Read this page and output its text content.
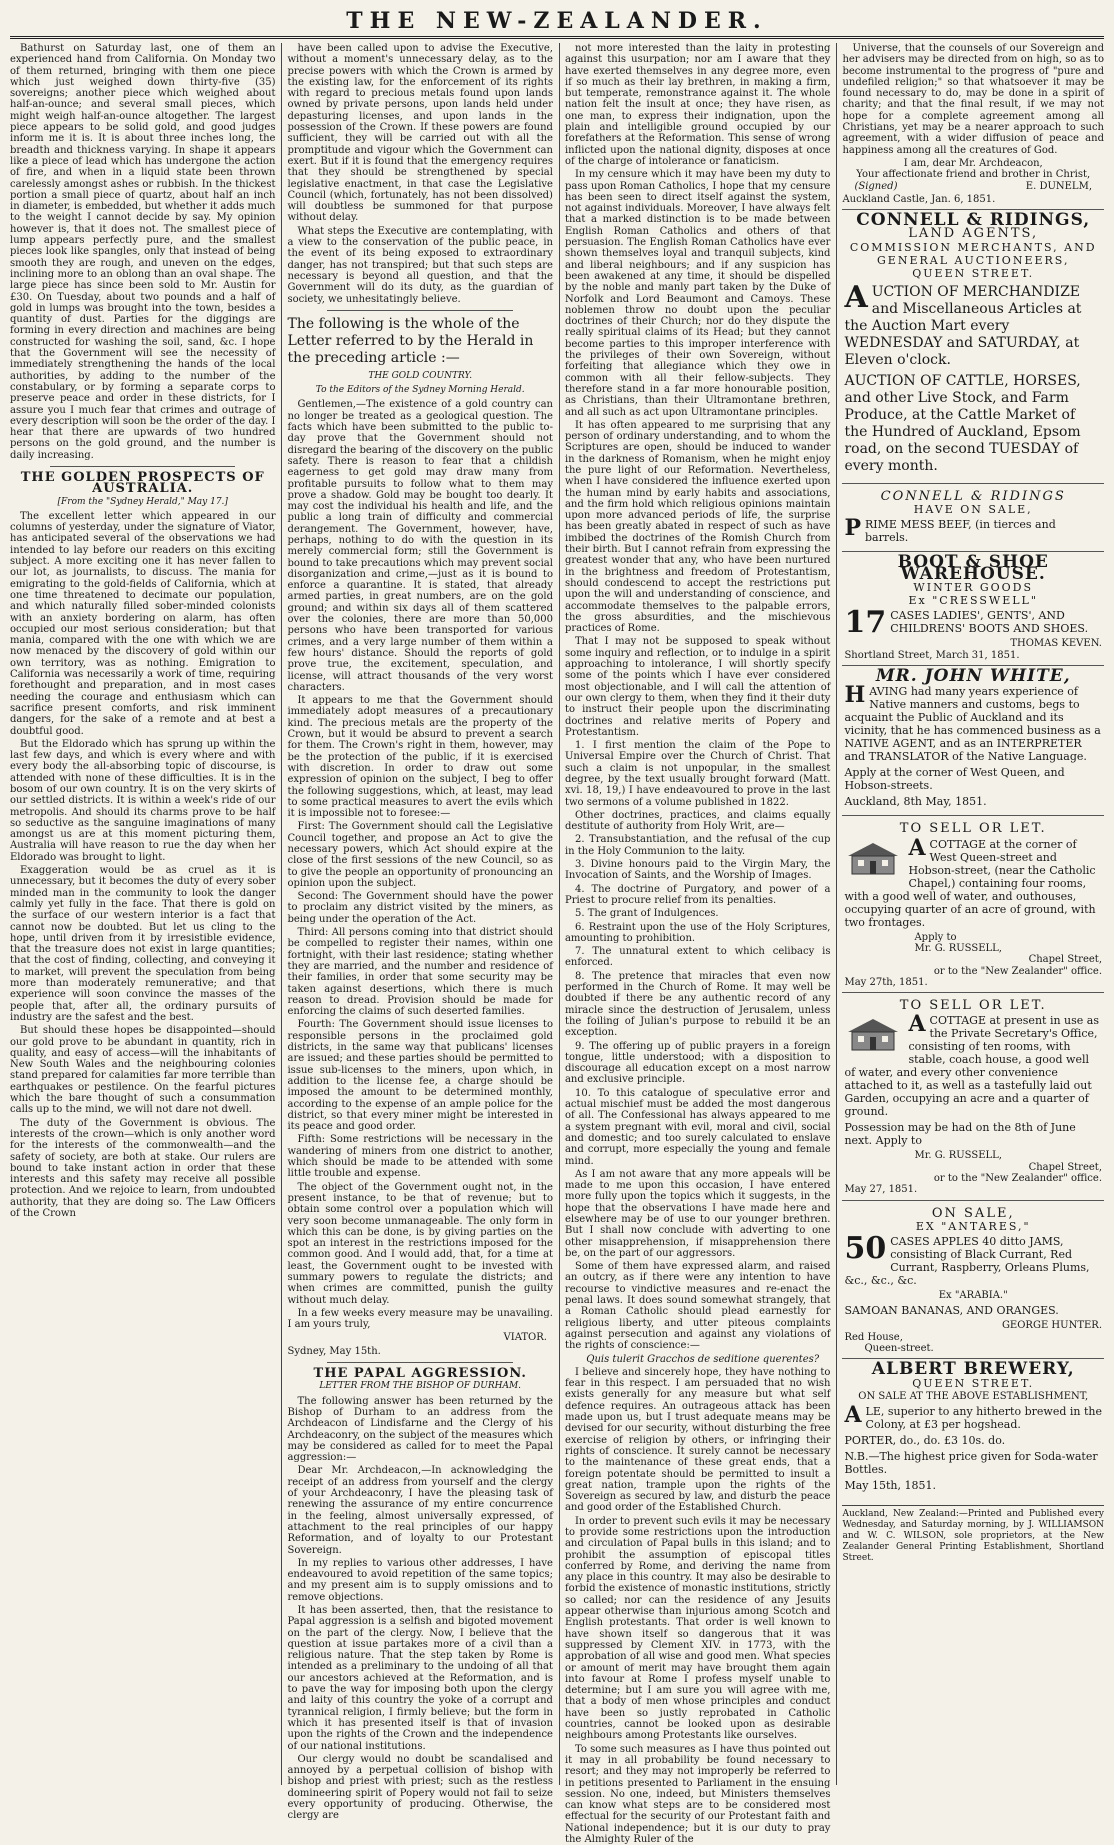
THE NEW-ZEALANDER.

Bathurst on Saturday last, one of them an experienced hand from California. On Monday two of them returned, bringing with them one piece which just weighed down thirty-five (35) sovereigns; another piece which weighed about half-an-ounce; and several small pieces, which might weigh half-an-ounce altogether. The largest piece appears to be solid gold, and good judges inform me it is. It is about three inches long, the breadth and thickness varying. In shape it appears like a piece of lead which has undergone the action of fire, and when in a liquid state been thrown carelessly amongst ashes or rubbish. In the thickest portion a small piece of quartz, about half an inch in diameter, is embedded, but whether it adds much to the weight I cannot decide by say. My opinion however is, that it does not. The smallest piece of lump appears perfectly pure, and the smallest pieces look like spangles, only that instead of being smooth they are rough, and uneven on the edges, inclining more to an oblong than an oval shape. The large piece has since been sold to Mr. Austin for £30. On Tuesday, about two pounds and a half of gold in lumps was brought into the town, besides a quantity of dust. Parties for the diggings are forming in every direction and machines are being constructed for washing the soil, sand, &c. I hope that the Government will see the necessity of immediately strengthening the hands of the local authorities, by adding to the number of the constabulary, or by forming a separate corps to preserve peace and order in these districts, for I assure you I much fear that crimes and outrage of every description will soon be the order of the day. I hear that there are upwards of two hundred persons on the gold ground, and the number is daily increasing.

THE GOLDEN PROSPECTS OF AUSTRALIA.
[From the "Sydney Herald," May 17.]

The excellent letter which appeared in our columns of yesterday, under the signature of Viator, has anticipated several of the observations we had intended to lay before our readers on this exciting subject. A more exciting one it has never fallen to our lot, as journalists, to discuss. The mania for emigrating to the gold-fields of California, which at one time threatened to decimate our population, and which naturally filled sober-minded colonists with an anxiety bordering on alarm, has often occupied our most serious consideration; but that mania, compared with the one with which we are now menaced by the discovery of gold within our own territory, was as nothing. Emigration to California was necessarily a work of time, requiring forethought and preparation, and in most cases needing the courage and enthusiasm which can sacrifice present comforts, and risk imminent dangers, for the sake of a remote and at best a doubtful good.

But the Eldorado which has sprung up within the last few days, and which is every where and with every body the all-absorbing topic of discourse, is attended with none of these difficulties. It is in the bosom of our own country. It is on the very skirts of our settled districts. It is within a week's ride of our metropolis. And should its charms prove to be half so seductive as the sanguine imaginations of many amongst us are at this moment picturing them, Australia will have reason to rue the day when her Eldorado was brought to light.

Exaggeration would be as cruel as it is unnecessary, but it becomes the duty of every sober minded man in the community to look the danger calmly yet fully in the face. That there is gold on the surface of our western interior is a fact that cannot now be doubted. But let us cling to the hope, until driven from it by irresistible evidence, that the treasure does not exist in large quantities; that the cost of finding, collecting, and conveying it to market, will prevent the speculation from being more than moderately remunerative; and that experience will soon convince the masses of the people that, after all, the ordinary pursuits of industry are the safest and the best.

But should these hopes be disappointed—should our gold prove to be abundant in quantity, rich in quality, and easy of access—will the inhabitants of New South Wales and the neighbouring colonies stand prepared for calamities far more terrible than earthquakes or pestilence. On the fearful pictures which the bare thought of such a consummation calls up to the mind, we will not dare not dwell.

The duty of the Government is obvious. The interests of the crown—which is only another word for the interests of the commonwealth—and the safety of society, are both at stake. Our rulers are bound to take instant action in order that these interests and this safety may receive all possible protection. And we rejoice to learn, from undoubted authority, that they are doing so. The Law Officers of the Crown

have been called upon to advise the Executive, without a moment's unnecessary delay, as to the precise powers with which the Crown is armed by the existing law, for the enforcement of its rights with regard to precious metals found upon lands owned by private persons, upon lands held under depasturing licenses, and upon lands in the possession of the Crown. If these powers are found sufficient, they will be carried out with all the promptitude and vigour which the Government can exert. But if it is found that the emergency requires that they should be strengthened by special legislative enactment, in that case the Legislative Council (which, fortunately, has not been dissolved) will doubtless be summoned for that purpose without delay.

What steps the Executive are contemplating, with a view to the conservation of the public peace, in the event of its being exposed to extraordinary danger, has not transpired; but that such steps are necessary is beyond all question, and that the Government will do its duty, as the guardian of society, we unhesitatingly believe.

The following is the whole of the Letter referred to by the Herald in the preceding article :—
THE GOLD COUNTRY.
To the Editors of the Sydney Morning Herald.

Gentlemen,—The existence of a gold country can no longer be treated as a geological question. The facts which have been submitted to the public to-day prove that the Government should not disregard the bearing of the discovery on the public safety. There is reason to fear that a childish eagerness to get gold may draw many from profitable pursuits to follow what to them may prove a shadow. Gold may be bought too dearly. It may cost the individual his health and life, and the public a long train of difficulty and commercial derangement. The Government, however, have, perhaps, nothing to do with the question in its merely commercial form; still the Government is bound to take precautions which may prevent social disorganization and crime,—just as it is bound to enforce a quarantine. It is stated, that already armed parties, in great numbers, are on the gold ground; and within six days all of them scattered over the colonies, there are more than 50,000 persons who have been transported for various crimes, and a very large number of them within a few hours' distance. Should the reports of gold prove true, the excitement, speculation, and license, will attract thousands of the very worst characters.

It appears to me that the Government should immediately adopt measures of a precautionary kind. The precious metals are the property of the Crown, but it would be absurd to prevent a search for them. The Crown's right in them, however, may be the protection of the public, if it is exercised with discretion. In order to draw out some expression of opinion on the subject, I beg to offer the following suggestions, which, at least, may lead to some practical measures to avert the evils which it is impossible not to foresee:—

First: The Government should call the Legislative Council together, and propose an Act to give the necessary powers, which Act should expire at the close of the first sessions of the new Council, so as to give the people an opportunity of pronouncing an opinion upon the subject.

Second: The Government should have the power to proclaim any district visited by the miners, as being under the operation of the Act.

Third: All persons coming into that district should be compelled to register their names, within one fortnight, with their last residence; stating whether they are married, and the number and residence of their families, in order that some security may be taken against desertions, which there is much reason to dread. Provision should be made for enforcing the claims of such deserted families.

Fourth: The Government should issue licenses to responsible persons in the proclaimed gold districts, in the same way that publicans' licenses are issued; and these parties should be permitted to issue sub-licenses to the miners, upon which, in addition to the license fee, a charge should be imposed the amount to be determined monthly, according to the expense of an ample police for the district, so that every miner might be interested in its peace and good order.

Fifth: Some restrictions will be necessary in the wandering of miners from one district to another, which should be made to be attended with some little trouble and expense.

The object of the Government ought not, in the present instance, to be that of revenue; but to obtain some control over a population which will very soon become unmanageable. The only form in which this can be done, is by giving parties on the spot an interest in the restrictions imposed for the common good. And I would add, that, for a time at least, the Government ought to be invested with summary powers to regulate the districts; and when crimes are committed, punish the guilty without much delay.

In a few weeks every measure may be unavailing. I am yours truly,

VIATOR.
Sydney, May 15th.
THE PAPAL AGGRESSION.
LETTER FROM THE BISHOP OF DURHAM.

The following answer has been returned by the Bishop of Durham to an address from the Archdeacon of Lindisfarne and the Clergy of his Archdeaconry, on the subject of the measures which may be considered as called for to meet the Papal aggression:—

Dear Mr. Archdeacon,—In acknowledging the receipt of an address from yourself and the clergy of your Archdeaconry, I have the pleasing task of renewing the assurance of my entire concurrence in the feeling, almost universally expressed, of attachment to the real principles of our happy Reformation, and of loyalty to our Protestant Sovereign.

In my replies to various other addresses, I have endeavoured to avoid repetition of the same topics; and my present aim is to supply omissions and to remove objections.

It has been asserted, then, that the resistance to Papal aggression is a selfish and bigoted movement on the part of the clergy. Now, I believe that the question at issue partakes more of a civil than a religious nature. That the step taken by Rome is intended as a preliminary to the undoing of all that our ancestors achieved at the Reformation, and is to pave the way for imposing both upon the clergy and laity of this country the yoke of a corrupt and tyrannical religion, I firmly believe; but the form in which it has presented itself is that of invasion upon the rights of the Crown and the independence of our national institutions.

Our clergy would no doubt be scandalised and annoyed by a perpetual collision of bishop with bishop and priest with priest; such as the restless domineering spirit of Popery would not fail to seize every opportunity of producing. Otherwise, the clergy are

not more interested than the laity in protesting against this usurpation; nor am I aware that they have exerted themselves in any degree more, even if so much as their lay brethren, in making a firm, but temperate, remonstrance against it. The whole nation felt the insult at once; they have risen, as one man, to express their indignation, upon the plain and intelligible ground occupied by our forefathers at the Reformation. This sense of wrong inflicted upon the national dignity, disposes at once of the charge of intolerance or fanaticism.

In my censure which it may have been my duty to pass upon Roman Catholics, I hope that my censure has been seen to direct itself against the system, not against individuals. Moreover, I have always felt that a marked distinction is to be made between English Roman Catholics and others of that persuasion. The English Roman Catholics have ever shown themselves loyal and tranquil subjects, kind and liberal neighbours; and if any suspicion has been awakened at any time, it should be dispelled by the noble and manly part taken by the Duke of Norfolk and Lord Beaumont and Camoys. These noblemen throw no doubt upon the peculiar doctrines of their Church; nor do they dispute the really spiritual claims of its Head; but they cannot become parties to this improper interference with the privileges of their own Sovereign, without forfeiting that allegiance which they owe in common with all their fellow-subjects. They therefore stand in a far more honourable position, as Christians, than their Ultramontane brethren, and all such as act upon Ultramontane principles.

It has often appeared to me surprising that any person of ordinary understanding, and to whom the Scriptures are open, should be induced to wander in the darkness of Romanism, when he might enjoy the pure light of our Reformation. Nevertheless, when I have considered the influence exerted upon the human mind by early habits and associations, and the firm hold which religious opinions maintain upon more advanced periods of life, the surprise has been greatly abated in respect of such as have imbibed the doctrines of the Romish Church from their birth. But I cannot refrain from expressing the greatest wonder that any, who have been nurtured in the brightness and freedom of Protestantism, should condescend to accept the restrictions put upon the will and understanding of conscience, and accommodate themselves to the palpable errors, the gross absurdities, and the mischievous practices of Rome.

That I may not be supposed to speak without some inquiry and reflection, or to indulge in a spirit approaching to intolerance, I will shortly specify some of the points which I have ever considered most objectionable, and I will call the attention of our own clergy to them, when they find it their duty to instruct their people upon the discriminating doctrines and relative merits of Popery and Protestantism.

1. I first mention the claim of the Pope to Universal Empire over the Church of Christ. That such a claim is not unpopular, in the smallest degree, by the text usually brought forward (Matt. xvi. 18, 19,) I have endeavoured to prove in the last two sermons of a volume published in 1822.

Other doctrines, practices, and claims equally destitute of authority from Holy Writ, are—

2. Transubstantiation, and the refusal of the cup in the Holy Communion to the laity.

3. Divine honours paid to the Virgin Mary, the Invocation of Saints, and the Worship of Images.

4. The doctrine of Purgatory, and power of a Priest to procure relief from its penalties.

5. The grant of Indulgences.

6. Restraint upon the use of the Holy Scriptures, amounting to prohibition.

7. The unnatural extent to which celibacy is enforced.

8. The pretence that miracles that even now performed in the Church of Rome. It may well be doubted if there be any authentic record of any miracle since the destruction of Jerusalem, unless the foiling of Julian's purpose to rebuild it be an exception.

9. The offering up of public prayers in a foreign tongue, little understood; with a disposition to discourage all education except on a most narrow and exclusive principle.

10. To this catalogue of speculative error and actual mischief must be added the most dangerous of all. The Confessional has always appeared to me a system pregnant with evil, moral and civil, social and domestic; and too surely calculated to enslave and corrupt, more especially the young and female mind.

As I am not aware that any more appeals will be made to me upon this occasion, I have entered more fully upon the topics which it suggests, in the hope that the observations I have made here and elsewhere may be of use to our younger brethren. But I shall now conclude with adverting to one other misapprehension, if misapprehension there be, on the part of our aggressors.

Some of them have expressed alarm, and raised an outcry, as if there were any intention to have recourse to vindictive measures and re-enact the penal laws. It does sound somewhat strangely, that a Roman Catholic should plead earnestly for religious liberty, and utter piteous complaints against persecution and against any violations of the rights of conscience:—

Quis tulerit Gracchos de seditione querentes?

I believe and sincerely hope, they have nothing to fear in this respect. I am persuaded that no wish exists generally for any measure but what self defence requires. An outrageous attack has been made upon us, but I trust adequate means may be devised for our security, without disturbing the free exercise of religion by others, or infringing their rights of conscience. It surely cannot be necessary to the maintenance of these great ends, that a foreign potentate should be permitted to insult a great nation, trample upon the rights of the Sovereign as secured by law, and disturb the peace and good order of the Established Church.

In order to prevent such evils it may be necessary to provide some restrictions upon the introduction and circulation of Papal bulls in this island; and to prohibit the assumption of episcopal titles conferred by Rome, and deriving the name from any place in this country. It may also be desirable to forbid the existence of monastic institutions, strictly so called; nor can the residence of any Jesuits appear otherwise than injurious among Scotch and English protestants. That order is well known to have shown itself so dangerous that it was suppressed by Clement XIV. in 1773, with the approbation of all wise and good men. What species or amount of merit may have brought them again into favour at Rome I profess myself unable to determine; but I am sure you will agree with me, that a body of men whose principles and conduct have been so justly reprobated in Catholic countries, cannot be looked upon as desirable neighbours among Protestants like ourselves.

To some such measures as I have thus pointed out it may in all probability be found necessary to resort; and they may not improperly be referred to in petitions presented to Parliament in the ensuing session. No one, indeed, but Ministers themselves can know what steps are to be considered most effectual for the security of our Protestant faith and National independence; but it is our duty to pray the Almighty Ruler of the

Universe, that the counsels of our Sovereign and her advisers may be directed from on high, so as to become instrumental to the progress of "pure and undefiled religion;" so that whatsoever it may be found necessary to do, may be done in a spirit of charity; and that the final result, if we may not hope for a complete agreement among all Christians, yet may be a nearer approach to such agreement, with a wider diffusion of peace and happiness among all the creatures of God.

I am, dear Mr. Archdeacon,
Your affectionate friend and brother in Christ,
(Signed)	E. DUNELM,
Auckland Castle, Jan. 6, 1851.
CONNELL & RIDINGS,
LAND AGENTS,
COMMISSION MERCHANTS, AND
GENERAL AUCTIONEERS,
QUEEN STREET.
AUCTION OF MERCHANDIZE and Miscellaneous Articles at the Auction Mart every WEDNESDAY and SATURDAY, at Eleven o'clock.
AUCTION OF CATTLE, HORSES, and other Live Stock, and Farm Produce, at the Cattle Market of the Hundred of Auckland, Epsom road, on the second TUESDAY of every month.
CONNELL & RIDINGS
HAVE ON SALE,
PRIME MESS BEEF, (in tierces and barrels.
BOOT & SHOE WAREHOUSE.
WINTER GOODS
Ex "CRESSWELL"
17 CASES LADIES', GENTS', AND CHILDRENS' BOOTS AND SHOES.
THOMAS KEVEN.
Shortland Street, March 31, 1851.
MR. JOHN WHITE,
HAVING had many years experience of Native manners and customs, begs to acquaint the Public of Auckland and its vicinity, that he has commenced business as a NATIVE AGENT, and as an INTERPRETER and TRANSLATOR of the Native Language.
Apply at the corner of West Queen, and Hobson-streets.
Auckland, 8th May, 1851.
TO SELL OR LET.
ACOTTAGE at the corner of West Queen-street and Hobson-street, (near the Catholic Chapel,) containing four rooms, with a good well of water, and outhouses, occupying quarter of an acre of ground, with two frontages.
Apply to
Mr. G. RUSSELL,
Chapel Street,
or to the "New Zealander" office.
May 27th, 1851.
TO SELL OR LET.
ACOTTAGE at present in use as the Private Secretary's Office, consisting of ten rooms, with stable, coach house, a good well of water, and every other convenience attached to it, as well as a tastefully laid out Garden, occupying an acre and a quarter of ground.
Possession may be had on the 8th of June next. Apply to
Mr. G. RUSSELL,
Chapel Street,
or to the "New Zealander" office.
May 27, 1851.
ON SALE,
EX "ANTARES,"
50 CASES APPLES 40 ditto JAMS, consisting of Black Currant, Red Currant, Raspberry, Orleans Plums, &c., &c., &c.
Ex "ARABIA."
SAMOAN BANANAS, AND ORANGES.
GEORGE HUNTER.
Red House,
Queen-street.
ALBERT BREWERY,
QUEEN STREET.
ON SALE AT THE ABOVE ESTABLISHMENT,
ALE, superior to any hitherto brewed in the Colony, at £3 per hogshead.
PORTER, do., do. £3 10s. do.
N.B.—The highest price given for Soda-water Bottles.
May 15th, 1851.
Auckland, New Zealand:—Printed and Published every Wednesday, and Saturday morning, by J. WILLIAMSON and W. C. WILSON, sole proprietors, at the New Zealander General Printing Establishment, Shortland Street.
